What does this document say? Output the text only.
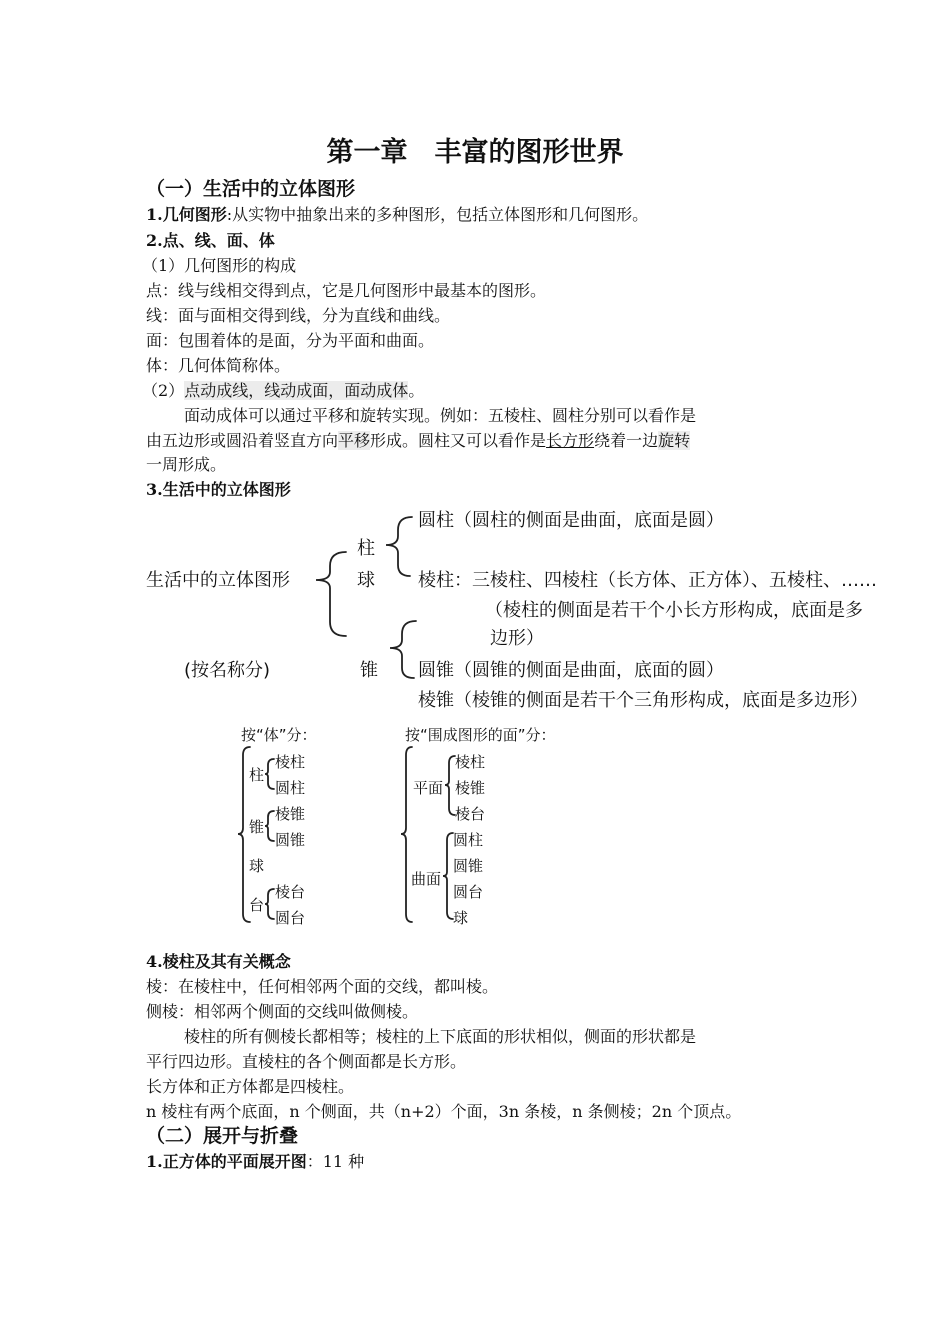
第一章　丰富的图形世界
（一）生活中的立体图形
1.几何图形:从实物中抽象出来的多种图形，包括立体图形和几何图形。
2.点、线、面、体
（1）几何图形的构成
点：线与线相交得到点，它是几何图形中最基本的图形。
线：面与面相交得到线，分为直线和曲线。
面：包围着体的是面，分为平面和曲面。
体：几何体简称体。
（2）点动成线，线动成面，面动成体。
面动成体可以通过平移和旋转实现。例如：五棱柱、圆柱分别可以看作是
由五边形或圆沿着竖直方向平移形成。圆柱又可以看作是长方形绕着一边旋转
一周形成。
3.生活中的立体图形
生活中的立体图形
(按名称分)
柱
球
锥
圆柱（圆柱的侧面是曲面，底面是圆）
棱柱：三棱柱、四棱柱（长方体、正方体）、五棱柱、……
（棱柱的侧面是若干个小长方形构成，底面是多
边形）
圆锥（圆锥的侧面是曲面，底面的圆）
棱锥（棱锥的侧面是若干个三角形构成，底面是多边形）
按“体”分：
柱
棱柱
圆柱
锥
棱锥
圆锥
球
台
棱台
圆台
按“围成图形的面”分：
平面
棱柱
棱锥
棱台
曲面
圆柱
圆锥
圆台
球
4.棱柱及其有关概念
棱：在棱柱中，任何相邻两个面的交线，都叫棱。
侧棱：相邻两个侧面的交线叫做侧棱。
棱柱的所有侧棱长都相等；棱柱的上下底面的形状相似，侧面的形状都是
平行四边形。直棱柱的各个侧面都是长方形。
长方体和正方体都是四棱柱。
n 棱柱有两个底面，n 个侧面，共（n+2）个面，3n 条棱，n 条侧棱；2n 个顶点。
（二）展开与折叠
1.正方体的平面展开图：11 种
